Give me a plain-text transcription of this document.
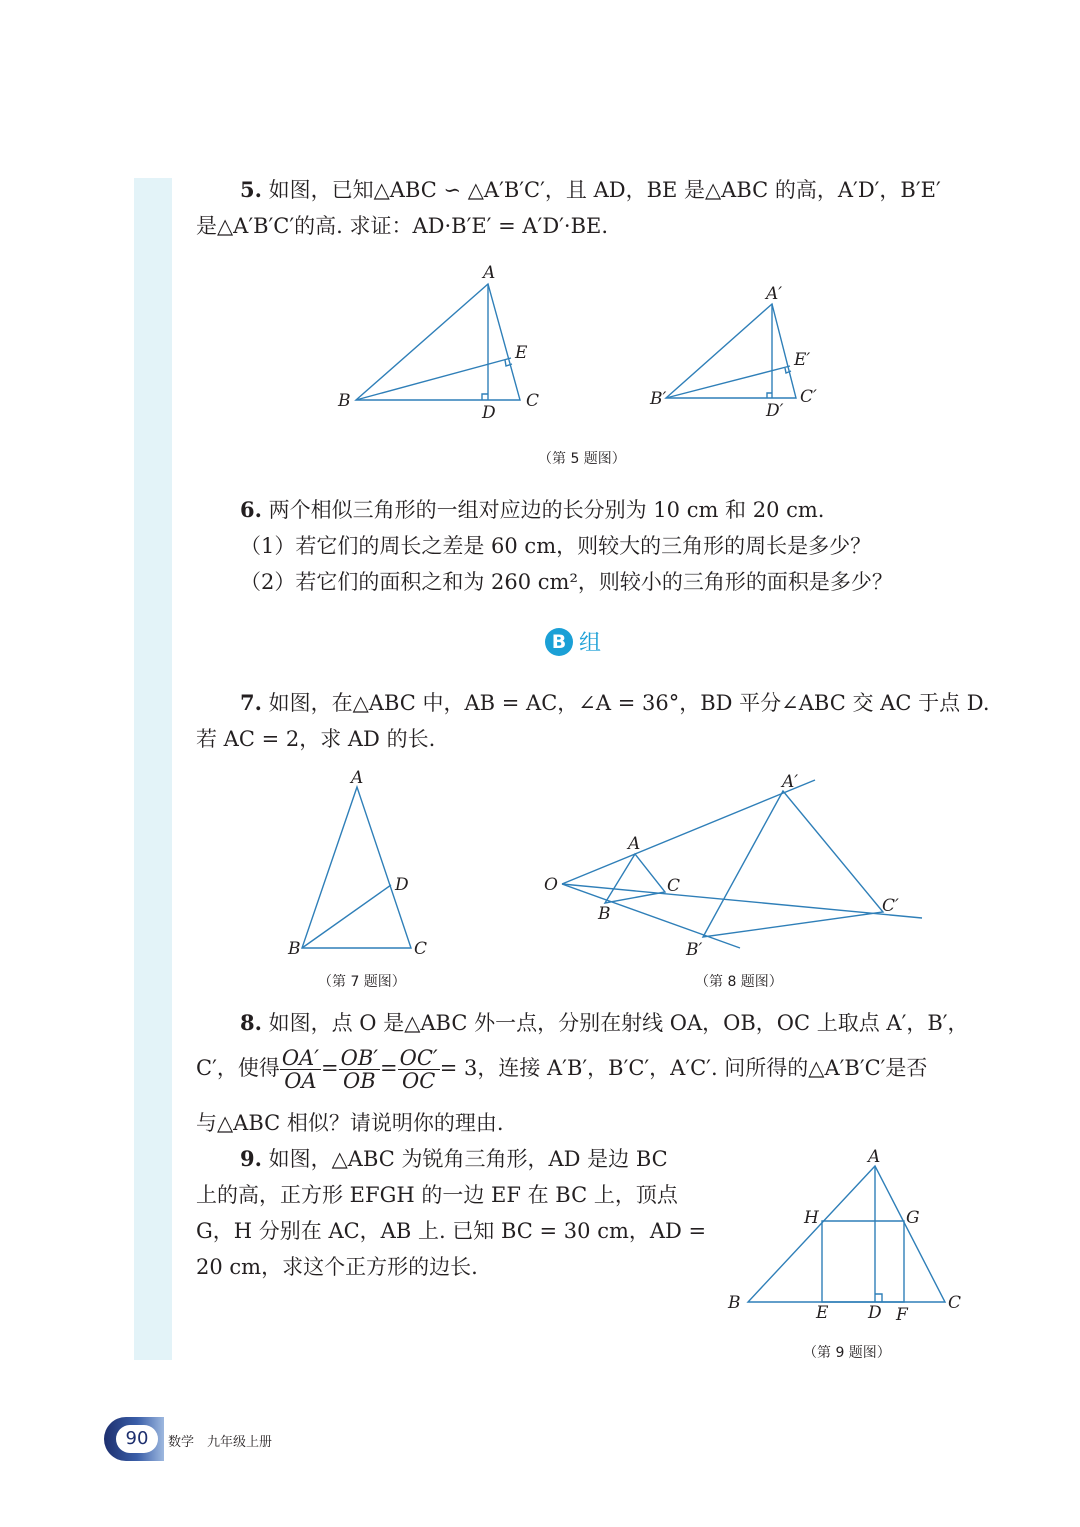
5. 如图，已知△ABC ∽ △A′B′C′，且 AD，BE 是△ABC 的高，A′D′，B′E′
是△A′B′C′的高. 求证：AD·B′E′ = A′D′·BE.
A
B	C
D
E
A′
B′	C′
D′
E′
（第 5 题图）
6. 两个相似三角形的一组对应边的长分别为 10 cm 和 20 cm.
（1）若它们的周长之差是 60 cm，则较大的三角形的周长是多少？
（2）若它们的面积之和为 260 cm²，则较小的三角形的面积是多少？
B 组
7. 如图，在△ABC 中，AB = AC，∠A = 36°，BD 平分∠ABC 交 AC 于点 D.
若 AC = 2，求 AD 的长.
A
B	C
D
（第 7 题图）
O
A
B
C
A′
B′
C′
（第 8 题图）
8. 如图，点 O 是△ABC 外一点，分别在射线 OA，OB，OC 上取点 A′，B′，
C′，使得 $\frac{OA'}{OA} = \frac{OB'}{OB} = \frac{OC'}{OC} = 3$，连接 A′B′，B′C′，A′C′. 问所得的△A′B′C′是否
与△ABC 相似？请说明你的理由.
9. 如图，△ABC 为锐角三角形，AD 是边 BC
上的高，正方形 EFGH 的一边 EF 在 BC 上，顶点
G，H 分别在 AC，AB 上. 已知 BC = 30 cm，AD =
20 cm，求这个正方形的边长.
A
B	C
D
E	F
G
H
（第 9 题图）
90	数学　九年级上册
